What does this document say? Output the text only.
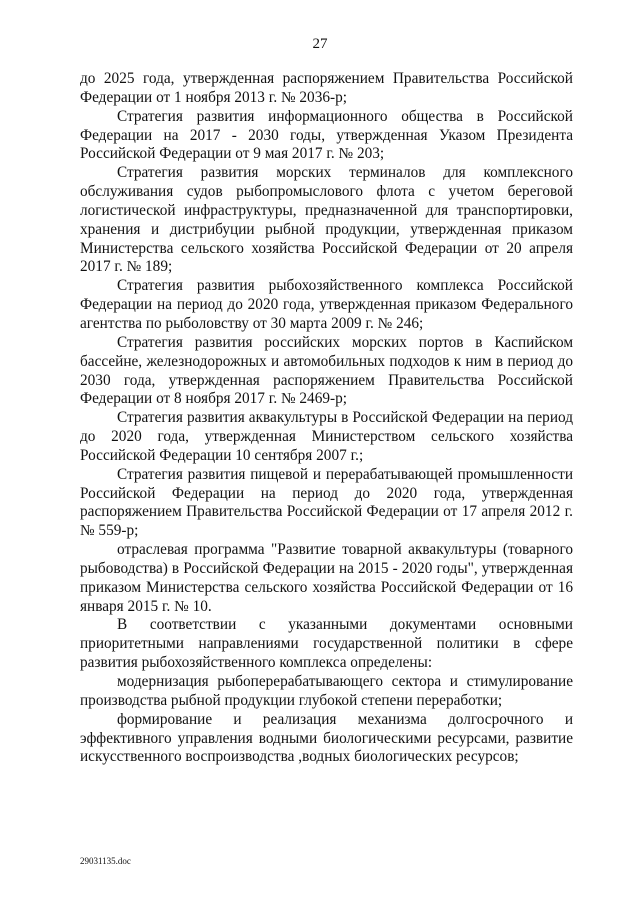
27

до 2025 года, утвержденная распоряжением Правительства Российской Федерации от 1 ноября 2013 г. № 2036-р;

Стратегия развития информационного общества в Российской Федерации на 2017 - 2030 годы, утвержденная Указом Президента Российской Федерации от 9 мая 2017 г. № 203;

Стратегия развития морских терминалов для комплексного обслуживания судов рыбопромыслового флота с учетом береговой логистической инфраструктуры, предназначенной для транспортировки, хранения и дистрибуции рыбной продукции, утвержденная приказом Министерства сельского хозяйства Российской Федерации от 20 апреля 2017 г. № 189;

Стратегия развития рыбохозяйственного комплекса Российской Федерации на период до 2020 года, утвержденная приказом Федерального агентства по рыболовству от 30 марта 2009 г. № 246;

Стратегия развития российских морских портов в Каспийском бассейне, железнодорожных и автомобильных подходов к ним в период до 2030 года, утвержденная распоряжением Правительства Российской Федерации от 8 ноября 2017 г. № 2469-р;

Стратегия развития аквакультуры в Российской Федерации на период до 2020 года, утвержденная Министерством сельского хозяйства Российской Федерации 10 сентября 2007 г.;

Стратегия развития пищевой и перерабатывающей промышленности Российской Федерации на период до 2020 года, утвержденная распоряжением Правительства Российской Федерации от 17 апреля 2012 г. № 559-р;

отраслевая программа "Развитие товарной аквакультуры (товарного рыбоводства) в Российской Федерации на 2015 - 2020 годы", утвержденная приказом Министерства сельского хозяйства Российской Федерации от 16 января 2015 г. № 10.

В соответствии с указанными документами основными приоритетными направлениями государственной политики в сфере развития рыбохозяйственного комплекса определены:

модернизация рыбоперерабатывающего сектора и стимулирование производства рыбной продукции глубокой степени переработки;

формирование и реализация механизма долгосрочного и эффективного управления водными биологическими ресурсами, развитие искусственного воспроизводства ,водных биологических ресурсов;

29031135.doc
